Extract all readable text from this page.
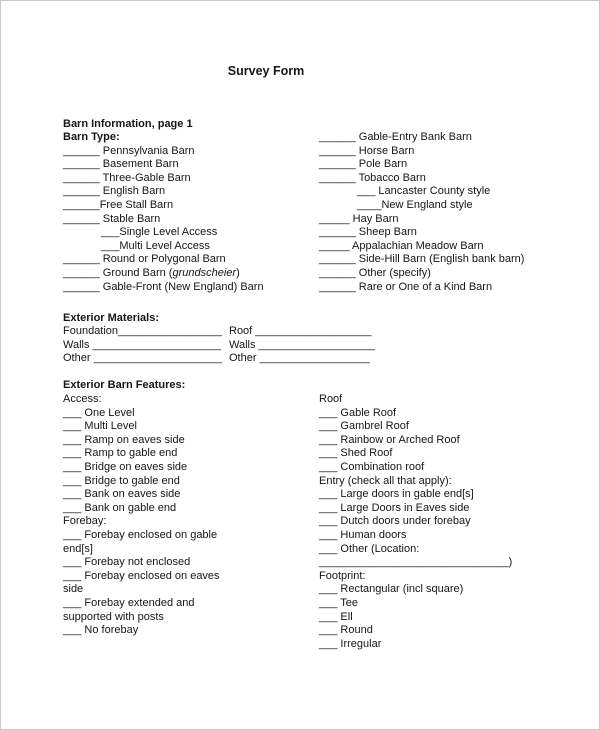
Survey Form
Barn Information, page 1
Barn Type:
______ Pennsylvania Barn
______ Basement Barn
______ Three-Gable Barn
______ English Barn
______Free Stall Barn
______ Stable Barn
___Single Level Access
___Multi Level Access
______ Round or Polygonal Barn
______ Ground Barn (grundscheier)
______ Gable-Front (New England) Barn
______ Gable-Entry Bank Barn
______ Horse Barn
______ Pole Barn
______ Tobacco Barn
___ Lancaster County style
____New England style
_____ Hay Barn
______ Sheep Barn
_____ Appalachian Meadow Barn
______ Side-Hill Barn (English bank barn)
______ Other (specify)
______ Rare or One of a Kind Barn
Exterior Materials:
Foundation_________________
Walls _____________________
Other _____________________
Roof ___________________
Walls ___________________
Other __________________
Exterior Barn Features:
Access:
___ One Level
___ Multi Level
___ Ramp on eaves side
___ Ramp to gable end
___ Bridge on eaves side
___ Bridge to gable end
___ Bank on eaves side
___ Bank on gable end
Forebay:
___ Forebay enclosed on gable
end[s]
___ Forebay not enclosed
___ Forebay enclosed on eaves
side
___ Forebay extended and
supported with posts
___ No forebay
Roof
___ Gable Roof
___ Gambrel Roof
___ Rainbow or Arched Roof
___ Shed Roof
___ Combination roof
Entry (check all that apply):
___ Large doors in gable end[s]
___ Large Doors in Eaves side
___ Dutch doors under forebay
___ Human doors
___ Other (Location:
_______________________________)
Footprint:
___ Rectangular (incl square)
___ Tee
___ Ell
___ Round
___ Irregular
